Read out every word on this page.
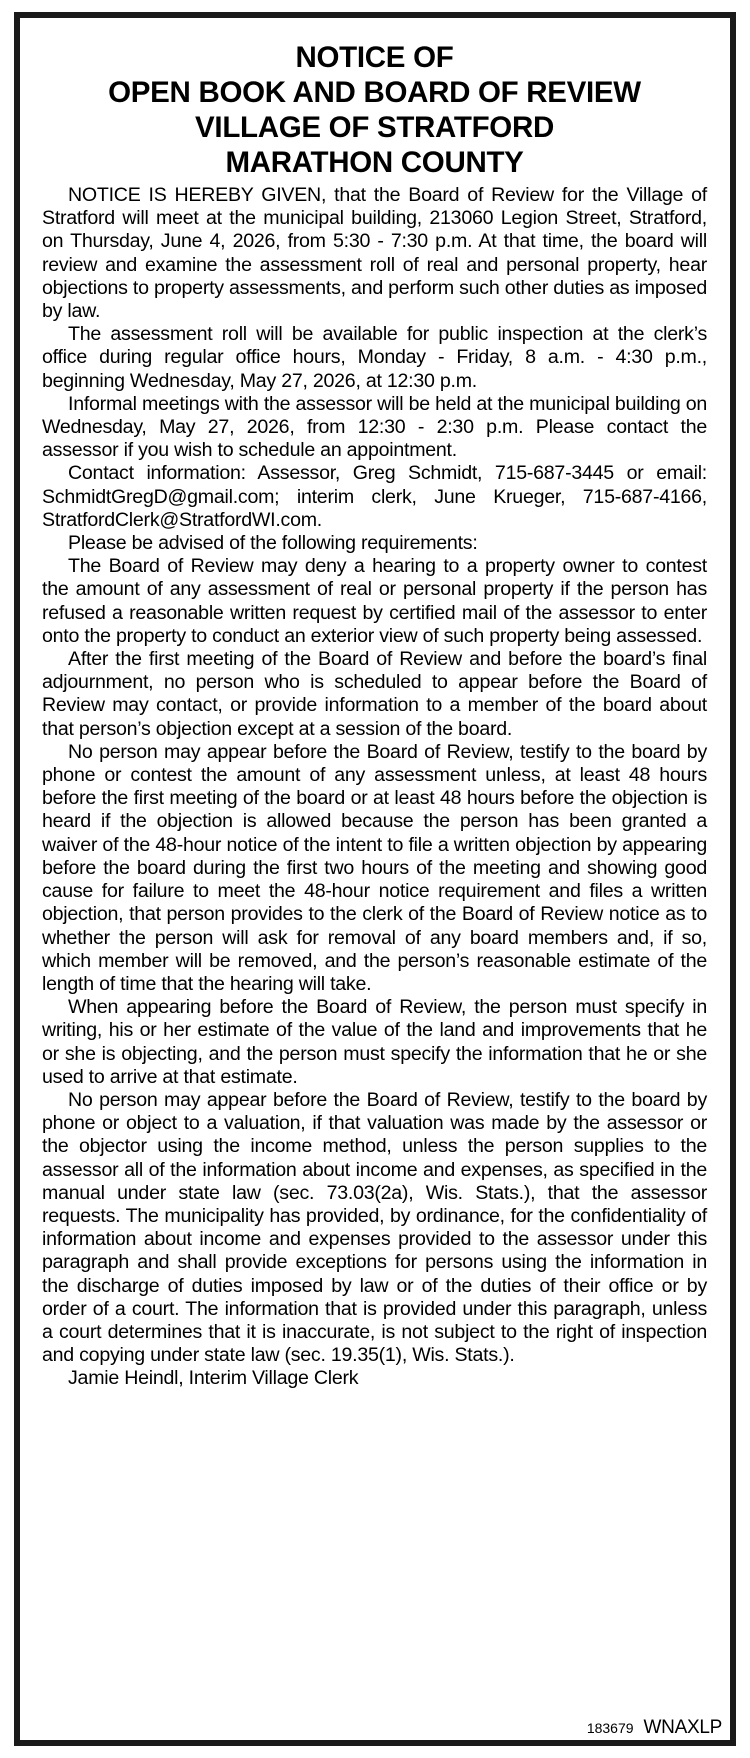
NOTICE OF
OPEN BOOK AND BOARD OF REVIEW
VILLAGE OF STRATFORD
MARATHON COUNTY

NOTICE IS HEREBY GIVEN, that the Board of Review for the Village of Stratford will meet at the municipal building, 213060 Legion Street, Stratford, on Thursday, June 4, 2026, from 5:30 - 7:30 p.m. At that time, the board will review and examine the assessment roll of real and personal property, hear objections to property assessments, and perform such other duties as imposed by law.

The assessment roll will be available for public inspection at the clerk’s office during regular office hours, Monday - Friday, 8 a.m. - 4:30 p.m., beginning Wednesday, May 27, 2026, at 12:30 p.m.

Informal meetings with the assessor will be held at the municipal building on Wednesday, May 27, 2026, from 12:30 - 2:30 p.m. Please contact the assessor if you wish to schedule an appointment.

Contact information: Assessor, Greg Schmidt, 715-687-3445 or email: SchmidtGregD@gmail.com; interim clerk, June Krueger, 715-687-4166, StratfordClerk@StratfordWI.com.

Please be advised of the following requirements:

The Board of Review may deny a hearing to a property owner to contest the amount of any assessment of real or personal property if the person has refused a reasonable written request by certified mail of the assessor to enter onto the property to conduct an exterior view of such property being assessed.

After the first meeting of the Board of Review and before the board’s final adjournment, no person who is scheduled to appear before the Board of Review may contact, or provide information to a member of the board about that person’s objection except at a session of the board.

No person may appear before the Board of Review, testify to the board by phone or contest the amount of any assessment unless, at least 48 hours before the first meeting of the board or at least 48 hours before the objection is heard if the objection is allowed because the person has been granted a waiver of the 48-hour notice of the intent to file a written objection by appearing before the board during the first two hours of the meeting and showing good cause for failure to meet the 48-hour notice requirement and files a written objection, that person provides to the clerk of the Board of Review notice as to whether the person will ask for removal of any board members and, if so, which member will be removed, and the person’s reasonable estimate of the length of time that the hearing will take.

When appearing before the Board of Review, the person must specify in writing, his or her estimate of the value of the land and improvements that he or she is objecting, and the person must specify the information that he or she used to arrive at that estimate.

No person may appear before the Board of Review, testify to the board by phone or object to a valuation, if that valuation was made by the assessor or the objector using the income method, unless the person supplies to the assessor all of the information about income and expenses, as specified in the manual under state law (sec. 73.03(2a), Wis. Stats.), that the assessor requests. The municipality has provided, by ordinance, for the confidentiality of information about income and expenses provided to the assessor under this paragraph and shall provide exceptions for persons using the information in the discharge of duties imposed by law or of the duties of their office or by order of a court. The information that is provided under this paragraph, unless a court determines that it is inaccurate, is not subject to the right of inspection and copying under state law (sec. 19.35(1), Wis. Stats.).

Jamie Heindl, Interim Village Clerk

183679 WNAXLP
